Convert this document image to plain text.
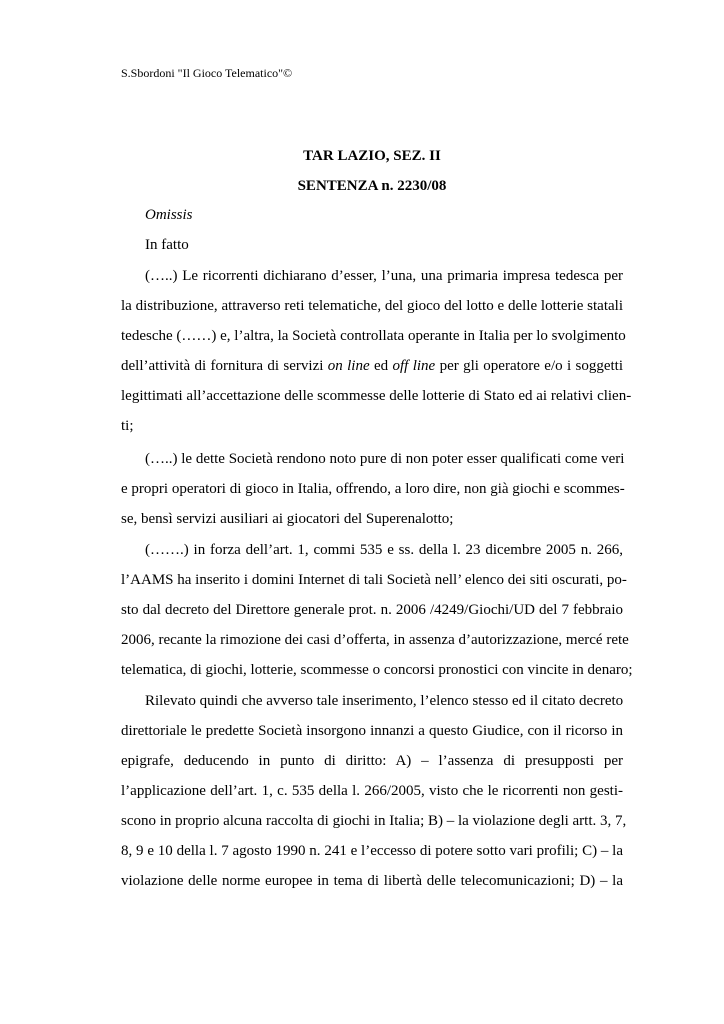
S.Sbordoni "Il Gioco Telematico"©
TAR LAZIO, SEZ. II
SENTENZA n. 2230/08
Omissis
In fatto
(…..) Le ricorrenti dichiarano d’esser, l’una, una primaria impresa tedesca per
la distribuzione, attraverso reti telematiche, del gioco del lotto e delle lotterie statali
tedesche (……) e, l’altra, la Società controllata operante in Italia per lo svolgimento
dell’attività di fornitura di servizi on line ed off line per gli operatore e/o i soggetti
legittimati all’accettazione delle scommesse delle lotterie di Stato ed ai relativi clien-
ti;
(…..) le dette Società rendono noto pure di non poter esser qualificati come veri
e propri operatori di gioco in Italia, offrendo, a loro dire, non già giochi e scommes-
se, bensì servizi ausiliari ai giocatori del Superenalotto;
(…….) in forza dell’art. 1, commi 535 e ss. della l. 23 dicembre 2005 n. 266,
l’AAMS ha inserito i domini Internet di tali Società nell’ elenco dei siti oscurati, po-
sto dal decreto del Direttore generale prot. n. 2006 /4249/Giochi/UD del 7 febbraio
2006, recante la rimozione dei casi d’offerta, in assenza d’autorizzazione, mercé rete
telematica, di giochi, lotterie, scommesse o concorsi pronostici con vincite in denaro;
Rilevato quindi che avverso tale inserimento, l’elenco stesso ed il citato decreto
direttoriale le predette Società insorgono innanzi a questo Giudice, con il ricorso in
epigrafe, deducendo in punto di diritto: A) – l’assenza di presupposti per
l’applicazione dell’art. 1, c. 535 della l. 266/2005, visto che le ricorrenti non gesti-
scono in proprio alcuna raccolta di giochi in Italia; B) – la violazione degli artt. 3, 7,
8, 9 e 10 della l. 7 agosto 1990 n. 241 e l’eccesso di potere sotto vari profili; C) – la
violazione delle norme europee in tema di libertà delle telecomunicazioni; D) – la
